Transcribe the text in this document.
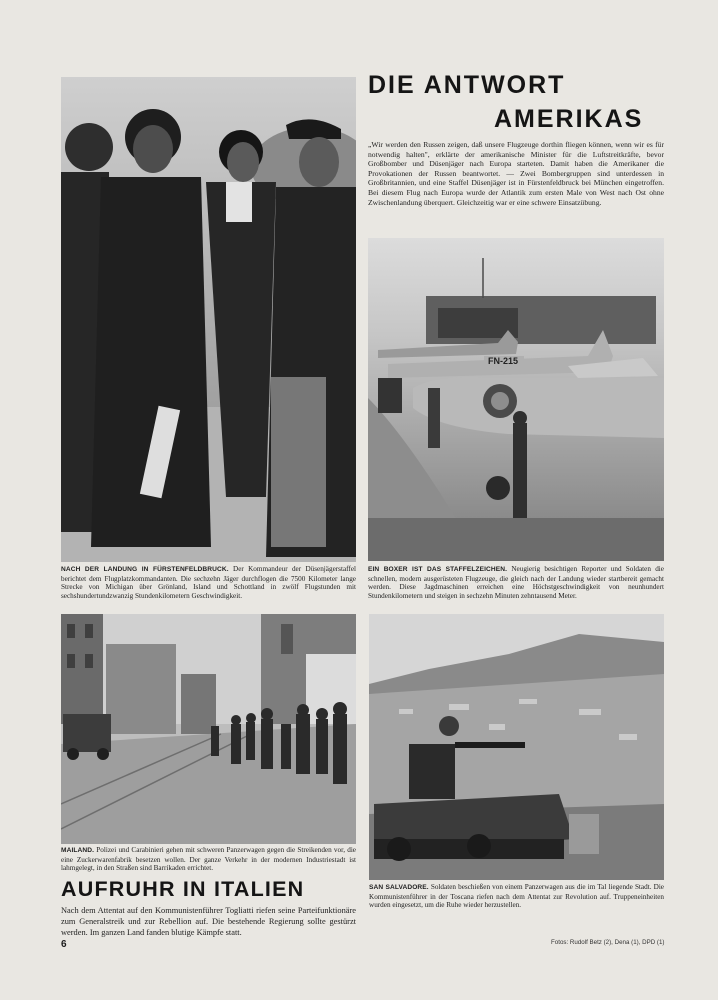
NACH DER LANDUNG IN FÜRSTENFELDBRUCK. Der Kommandeur der Düsenjägerstaffel berichtet dem Flugplatzkommandanten. Die sechzehn Jäger durchflogen die 7500 Kilometer lange Strecke von Michigan über Grönland, Island und Schottland in zwölf Flugstunden mit sechshundertundzwanzig Stundenkilometern Geschwindigkeit.
DIE ANTWORT
AMERIKAS
„Wir werden den Russen zeigen, daß unsere Flugzeuge dorthin fliegen können, wenn wir es für notwendig halten", erklärte der amerikanische Minister für die Luftstreitkräfte, bevor Großbomber und Düsenjäger nach Europa starteten. Damit haben die Amerikaner die Provokationen der Russen beantwortet. — Zwei Bombergruppen sind unterdessen in Großbritannien, und eine Staffel Düsenjäger ist in Fürstenfeldbruck bei München eingetroffen. Bei diesem Flug nach Europa wurde der Atlantik zum ersten Male von West nach Ost ohne Zwischenlandung überquert. Gleichzeitig war er eine schwere Einsatzübung.
FN-215
EIN BOXER IST DAS STAFFELZEICHEN. Neugierig besichtigen Reporter und Soldaten die schnellen, modern ausgerüsteten Flugzeuge, die gleich nach der Landung wieder startbereit gemacht werden. Diese Jagdmaschinen erreichen eine Höchstgeschwindigkeit von neunhundert Stundenkilometern und steigen in sechzehn Minuten zehntausend Meter.
MAILAND. Polizei und Carabinieri gehen mit schweren Panzerwagen gegen die Streikenden vor, die eine Zuckerwarenfabrik besetzen wollen. Der ganze Verkehr in der modernen Industriestadt ist lahmgelegt, in den Straßen sind Barrikaden errichtet.
AUFRUHR IN ITALIEN
Nach dem Attentat auf den Kommunistenführer Togliatti riefen seine Parteifunktionäre zum Generalstreik und zur Rebellion auf. Die bestehende Regierung sollte gestürzt werden. Im ganzen Land fanden blutige Kämpfe statt.
SAN SALVADORE. Soldaten beschießen von einem Panzerwagen aus die im Tal liegende Stadt. Die Kommunistenführer in der Toscana riefen nach dem Attentat zur Revolution auf. Truppeneinheiten wurden eingesetzt, um die Ruhe wieder herzustellen.
6	Fotos: Rudolf Betz (2), Dena (1), DPD (1)
